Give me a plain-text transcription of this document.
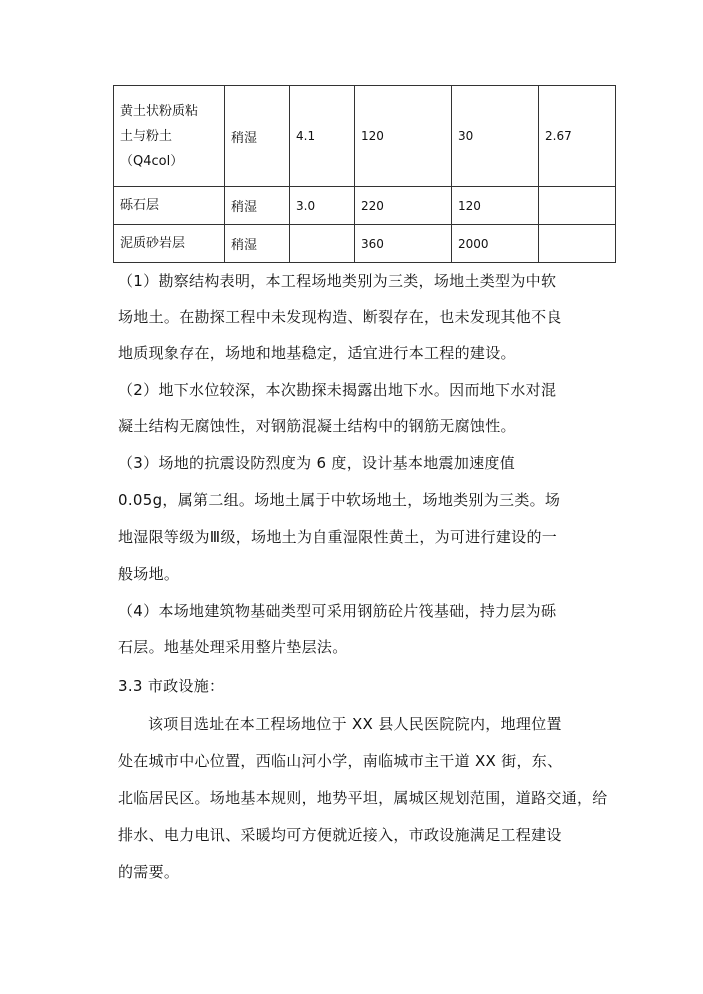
黄土状粉质粘
土与粉土
（Q4col）	稍湿	4.1	120	30	2.67
砾石层	稍湿	3.0	220	120	
泥质砂岩层	稍湿		360	2000	
（1）勘察结构表明，本工程场地类别为三类，场地土类型为中软
场地土。在勘探工程中未发现构造、断裂存在，也未发现其他不良
地质现象存在，场地和地基稳定，适宜进行本工程的建设。
（2）地下水位较深，本次勘探未揭露出地下水。因而地下水对混
凝土结构无腐蚀性，对钢筋混凝土结构中的钢筋无腐蚀性。
（3）场地的抗震设防烈度为 6 度，设计基本地震加速度值
0.05g，属第二组。场地土属于中软场地土，场地类别为三类。场
地湿限等级为Ⅲ级，场地土为自重湿限性黄土，为可进行建设的一
般场地。
（4）本场地建筑物基础类型可采用钢筋砼片筏基础，持力层为砾
石层。地基处理采用整片垫层法。
3.3 市政设施：
该项目选址在本工程场地位于 XX 县人民医院院内，地理位置
处在城市中心位置，西临山河小学，南临城市主干道 XX 街，东、
北临居民区。场地基本规则，地势平坦，属城区规划范围，道路交通，给
排水、电力电讯、采暖均可方便就近接入，市政设施满足工程建设
的需要。
